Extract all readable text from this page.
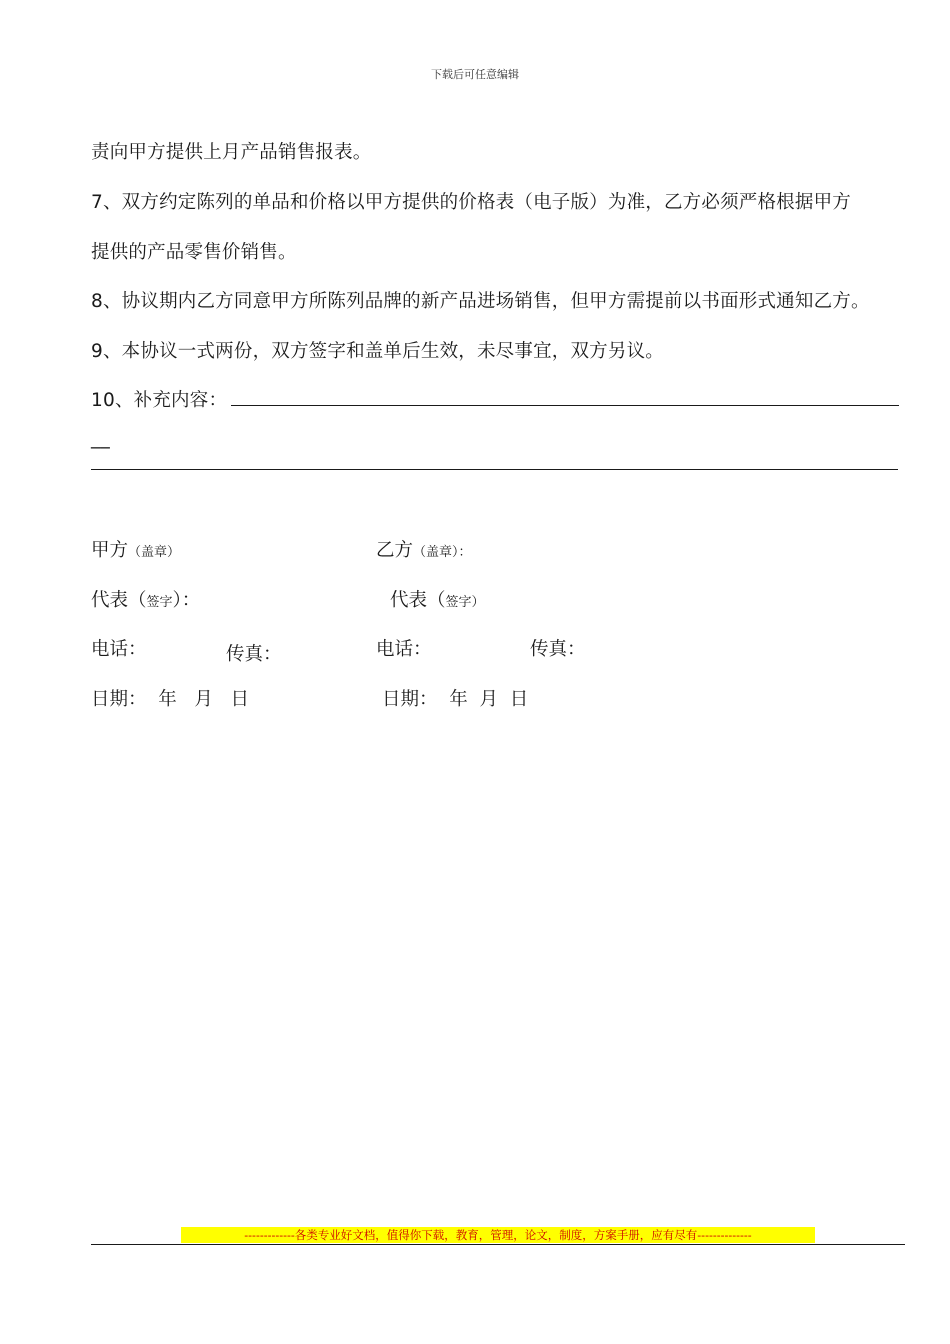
下载后可任意编辑
责向甲方提供上月产品销售报表。
7、双方约定陈列的单品和价格以甲方提供的价格表（电子版）为准，乙方必须严格根据甲方
提供的产品零售价销售。
8、协议期内乙方同意甲方所陈列品牌的新产品进场销售，但甲方需提前以书面形式通知乙方。
9、本协议一式两份，双方签字和盖单后生效，未尽事宜，双方另议。
10、补充内容：
__
甲方（盖章）	乙方（盖章）：
代表（签字）：	代表（签字）
电话：	传真：	电话：	传真：
日期：  年   月   日	日期：  年  月  日
-------------各类专业好文档，值得你下载，教育，管理，论文，制度，方案手册，应有尽有--------------
